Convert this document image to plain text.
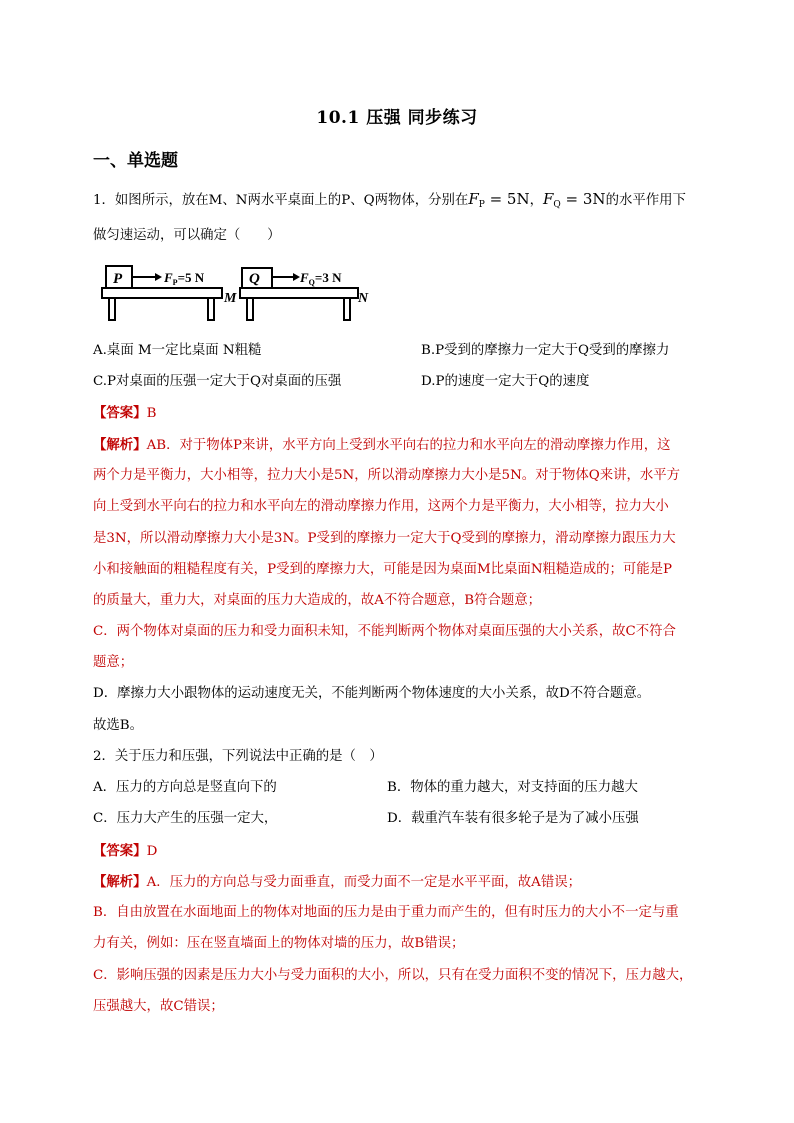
10.1 压强 同步练习
一、单选题
1．如图所示，放在M、N两水平桌面上的P、Q两物体，分别在$F_P = 5N$，$F_Q = 3N$的水平作用下
做匀速运动，可以确定（　　）
P	$F_P=5$ N
M
Q	$F_Q=3$ N
N
A.桌面 M一定比桌面 N粗糙	B.P受到的摩擦力一定大于Q受到的摩擦力
C.P对桌面的压强一定大于Q对桌面的压强	D.P的速度一定大于Q的速度
【答案】B
【解析】AB．对于物体P来讲，水平方向上受到水平向右的拉力和水平向左的滑动摩擦力作用，这
两个力是平衡力，大小相等，拉力大小是5N，所以滑动摩擦力大小是5N。对于物体Q来讲，水平方
向上受到水平向右的拉力和水平向左的滑动摩擦力作用，这两个力是平衡力，大小相等，拉力大小
是3N，所以滑动摩擦力大小是3N。P受到的摩擦力一定大于Q受到的摩擦力，滑动摩擦力跟压力大
小和接触面的粗糙程度有关，P受到的摩擦力大，可能是因为桌面M比桌面N粗糙造成的；可能是P
的质量大，重力大，对桌面的压力大造成的，故A不符合题意，B符合题意；
C．两个物体对桌面的压力和受力面积未知，不能判断两个物体对桌面压强的大小关系，故C不符合
题意；
D．摩擦力大小跟物体的运动速度无关，不能判断两个物体速度的大小关系，故D不符合题意。
故选B。
2．关于压力和压强，下列说法中正确的是（　）
A．压力的方向总是竖直向下的	B．物体的重力越大，对支持面的压力越大
C．压力大产生的压强一定大，	D．载重汽车装有很多轮子是为了减小压强
【答案】D
【解析】A．压力的方向总与受力面垂直，而受力面不一定是水平平面，故A错误；
B．自由放置在水面地面上的物体对地面的压力是由于重力而产生的，但有时压力的大小不一定与重
力有关，例如：压在竖直墙面上的物体对墙的压力，故B错误；
C．影响压强的因素是压力大小与受力面积的大小，所以，只有在受力面积不变的情况下，压力越大，
压强越大，故C错误；
